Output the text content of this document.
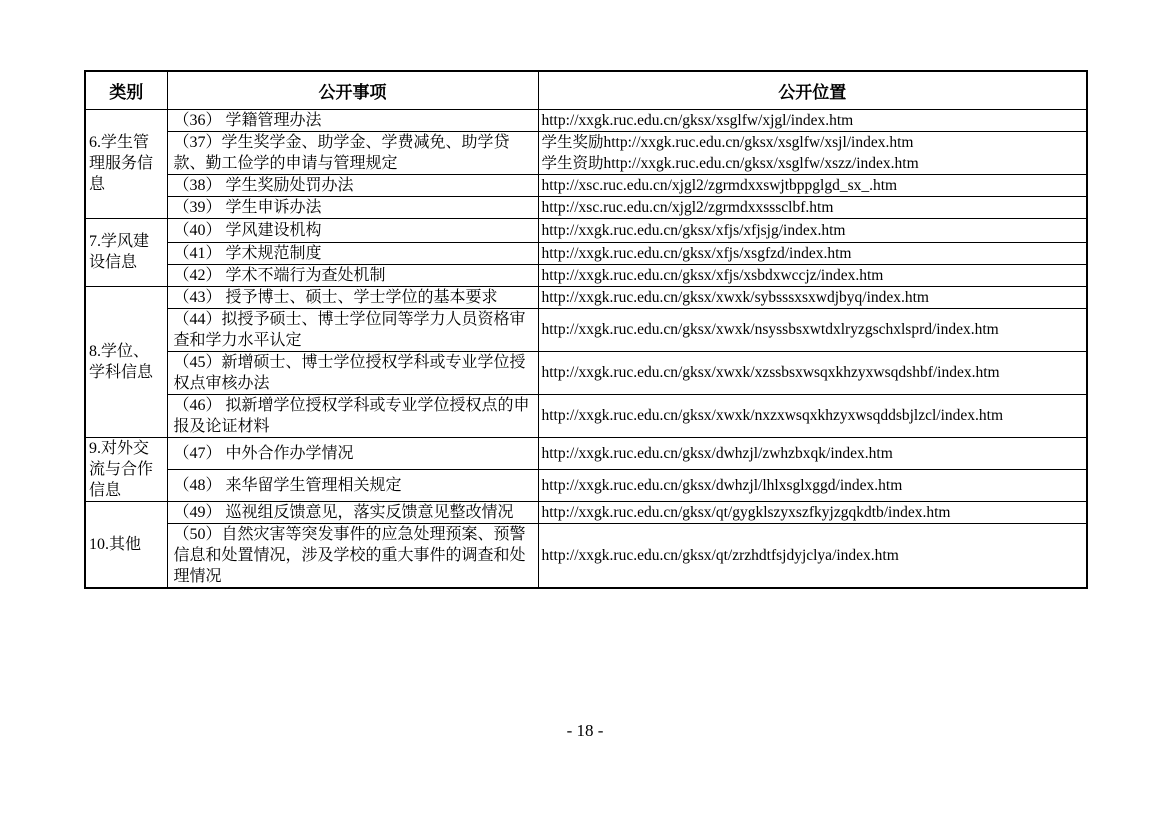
类别	公开事项	公开位置
6.学生管理服务信息	（36） 学籍管理办法	http://xxgk.ruc.edu.cn/gksx/xsglfw/xjgl/index.htm
	（37）学生奖学金、助学金、学费减免、助学贷款、勤工俭学的申请与管理规定	学生奖励http://xxgk.ruc.edu.cn/gksx/xsglfw/xsjl/index.htm
学生资助http://xxgk.ruc.edu.cn/gksx/xsglfw/xszz/index.htm

	（38） 学生奖励处罚办法	http://xsc.ruc.edu.cn/xjgl2/zgrmdxxswjtbppglgd_sx_.htm
	（39） 学生申诉办法	http://xsc.ruc.edu.cn/xjgl2/zgrmdxxsssclbf.htm
7.学风建设信息	（40） 学风建设机构	http://xxgk.ruc.edu.cn/gksx/xfjs/xfjsjg/index.htm
	（41） 学术规范制度	http://xxgk.ruc.edu.cn/gksx/xfjs/xsgfzd/index.htm
	（42） 学术不端行为查处机制	http://xxgk.ruc.edu.cn/gksx/xfjs/xsbdxwccjz/index.htm
8.学位、学科信息	（43） 授予博士、硕士、学士学位的基本要求	http://xxgk.ruc.edu.cn/gksx/xwxk/sybsssxsxwdjbyq/index.htm
	（44）拟授予硕士、博士学位同等学力人员资格审查和学力水平认定	http://xxgk.ruc.edu.cn/gksx/xwxk/nsyssbsxwtdxlryzgschxlsprd/index.htm
	（45）新增硕士、博士学位授权学科或专业学位授权点审核办法	http://xxgk.ruc.edu.cn/gksx/xwxk/xzssbsxwsqxkhzyxwsqdshbf/index.htm
	（46） 拟新增学位授权学科或专业学位授权点的申报及论证材料	http://xxgk.ruc.edu.cn/gksx/xwxk/nxzxwsqxkhzyxwsqddsbjlzcl/index.htm
9.对外交流与合作信息	（47） 中外合作办学情况	http://xxgk.ruc.edu.cn/gksx/dwhzjl/zwhzbxqk/index.htm
	（48） 来华留学生管理相关规定	http://xxgk.ruc.edu.cn/gksx/dwhzjl/lhlxsglxggd/index.htm
10.其他	（49） 巡视组反馈意见，落实反馈意见整改情况	http://xxgk.ruc.edu.cn/gksx/qt/gygklszyxszfkyjzgqkdtb/index.htm
	（50）自然灾害等突发事件的应急处理预案、预警信息和处置情况，涉及学校的重大事件的调查和处理情况	http://xxgk.ruc.edu.cn/gksx/qt/zrzhdtfsjdyjclya/index.htm
- 18 -
